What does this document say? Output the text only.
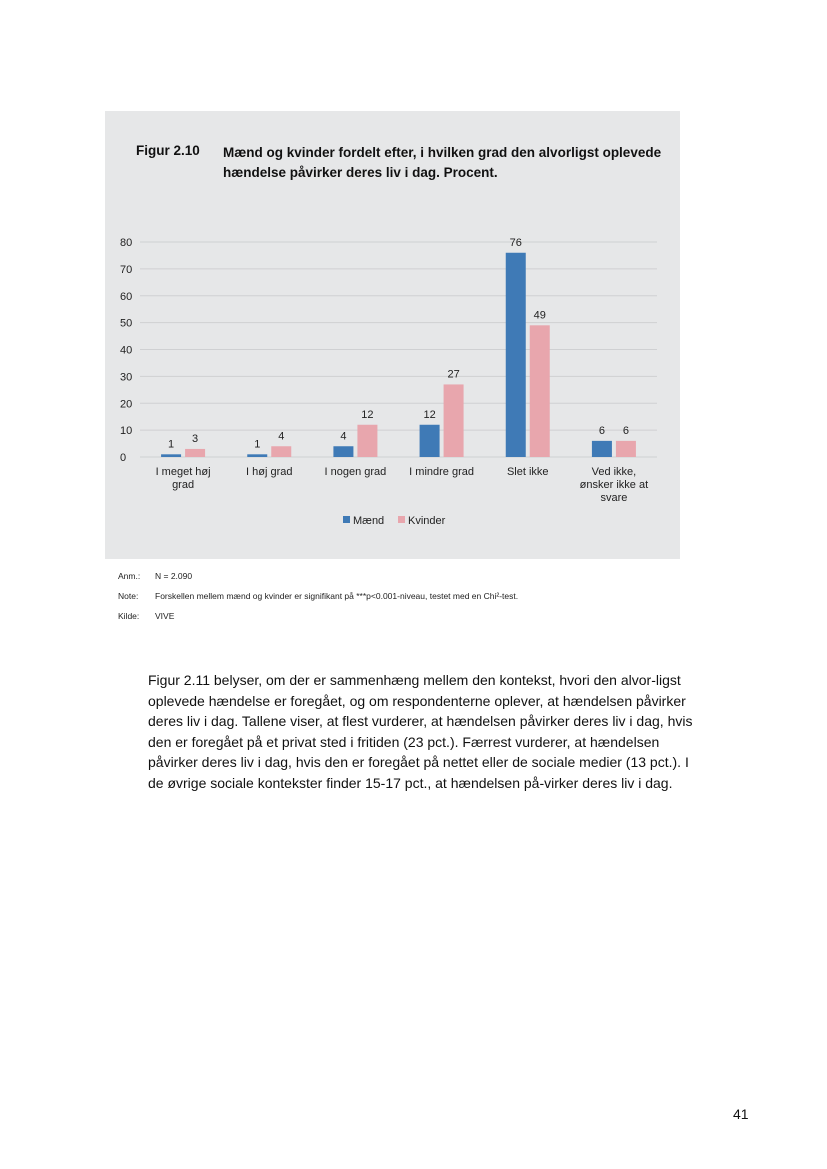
Figur 2.10 Mænd og kvinder fordelt efter, i hvilken grad den alvorligst oplevede hændelse påvirker deres liv i dag. Procent.
0
10
20
30
40
50
60
70
80
1 3
I meget høj
grad
1
4
I høj grad
4
12
I nogen grad
12
27
I mindre grad
76
49
Slet ikke
6 6
Ved ikke,
ønsker ikke at
svare
Mænd Kvinder
Anm.: N = 2.090
Note: Forskellen mellem mænd og kvinder er signifikant på ***p<0.001-niveau, testet med en Chi²-test.
Kilde: VIVE

Figur 2.11 belyser, om der er sammenhæng mellem den kontekst, hvori den alvor-ligst oplevede hændelse er foregået, og om respondenterne oplever, at hændelsen påvirker deres liv i dag. Tallene viser, at flest vurderer, at hændelsen påvirker deres liv i dag, hvis den er foregået på et privat sted i fritiden (23 pct.). Færrest vurderer, at hændelsen påvirker deres liv i dag, hvis den er foregået på nettet eller de sociale medier (13 pct.). I de øvrige sociale kontekster finder 15-17 pct., at hændelsen på-virker deres liv i dag.

41
